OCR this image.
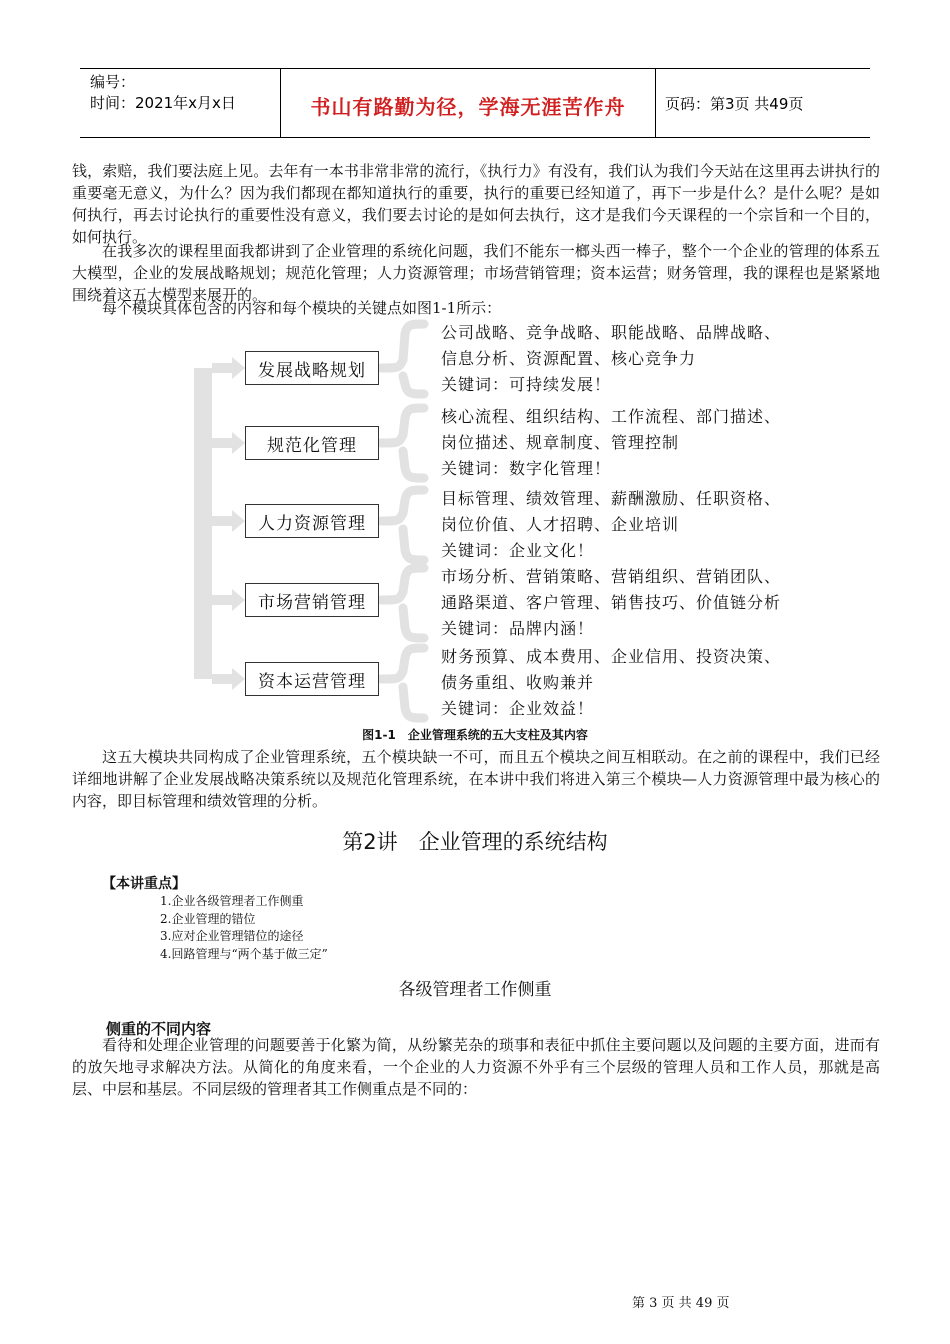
编号：
时间：2021年x月x日	书山有路勤为径，学海无涯苦作舟	页码：第3页 共49页

钱，索赔，我们要法庭上见。去年有一本书非常非常的流行，《执行力》有没有，我们认为我们今天站在这里再去讲执行的重要毫无意义，为什么？因为我们都现在都知道执行的重要，执行的重要已经知道了，再下一步是什么？是什么呢？是如何执行，再去讨论执行的重要性没有意义，我们要去讨论的是如何去执行，这才是我们今天课程的一个宗旨和一个目的，如何执行。

在我多次的课程里面我都讲到了企业管理的系统化问题，我们不能东一榔头西一棒子，整个一个企业的管理的体系五大模型，企业的发展战略规划；规范化管理；人力资源管理；市场营销管理；资本运营；财务管理，我的课程也是紧紧地围绕着这五大模型来展开的。

每个模块具体包含的内容和每个模块的关键点如图1-1所示：

发展战略规划
公司战略、竞争战略、职能战略、品牌战略、
信息分析、资源配置、核心竞争力
关键词：可持续发展！
规范化管理
核心流程、组织结构、工作流程、部门描述、
岗位描述、规章制度、管理控制
关键词：数字化管理！
人力资源管理
目标管理、绩效管理、薪酬激励、任职资格、
岗位价值、人才招聘、企业培训
关键词：企业文化！
市场营销管理
市场分析、营销策略、营销组织、营销团队、
通路渠道、客户管理、销售技巧、价值链分析
关键词：品牌内涵！
资本运营管理
财务预算、成本费用、企业信用、投资决策、
债务重组、收购兼并
关键词：企业效益！
图1-1　企业管理系统的五大支柱及其内容

这五大模块共同构成了企业管理系统，五个模块缺一不可，而且五个模块之间互相联动。在之前的课程中，我们已经详细地讲解了企业发展战略决策系统以及规范化管理系统，在本讲中我们将进入第三个模块—人力资源管理中最为核心的内容，即目标管理和绩效管理的分析。

第2讲　企业管理的系统结构
【本讲重点】
1.企业各级管理者工作侧重
2.企业管理的错位
3.应对企业管理错位的途径
4.回路管理与“两个基于做三定”
各级管理者工作侧重
侧重的不同内容

看待和处理企业管理的问题要善于化繁为简，从纷繁芜杂的琐事和表征中抓住主要问题以及问题的主要方面，进而有的放矢地寻求解决方法。从简化的角度来看，一个企业的人力资源不外乎有三个层级的管理人员和工作人员，那就是高层、中层和基层。不同层级的管理者其工作侧重点是不同的：

第 3 页 共 49 页
